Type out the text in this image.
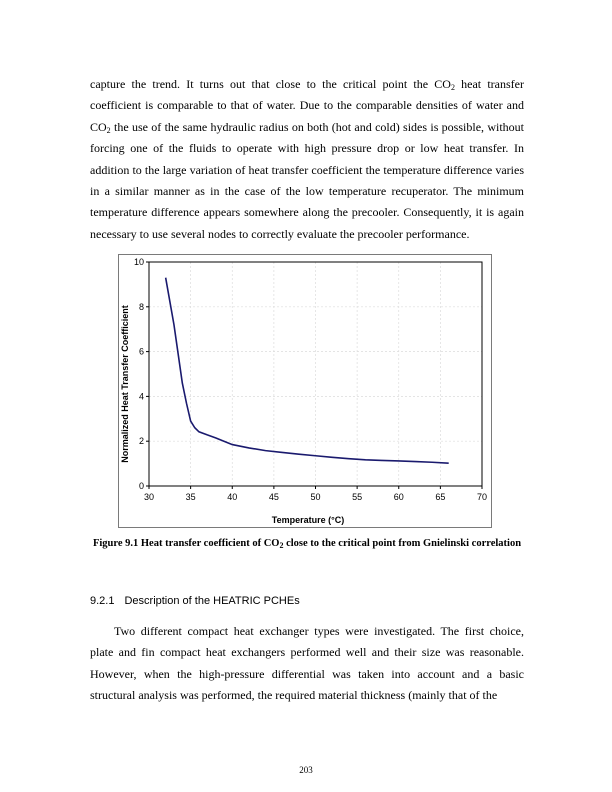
capture the trend. It turns out that close to the critical point the $CO_2$ heat transfer coefficient is comparable to that of water. Due to the comparable densities of water and $CO_2$ the use of the same hydraulic radius on both (hot and cold) sides is possible, without forcing one of the fluids to operate with high pressure drop or low heat transfer. In addition to the large variation of heat transfer coefficient the temperature difference varies in a similar manner as in the case of the low temperature recuperator. The minimum temperature difference appears somewhere along the precooler. Consequently, it is again necessary to use several nodes to correctly evaluate the precooler performance.

0
2
4
6
8
10
30	35	40	45	50	55	60	65	70
Temperature (°C)
Normalized Heat Transfer Coefficient
Figure 9.1 Heat transfer coefficient of $CO_2$ close to the critical point from Gnielinski correlation
9.2.1 Description of the HEATRIC PCHEs

Two different compact heat exchanger types were investigated. The first choice, plate and fin compact heat exchangers performed well and their size was reasonable. However, when the high-pressure differential was taken into account and a basic structural analysis was performed, the required material thickness (mainly that of the

203
